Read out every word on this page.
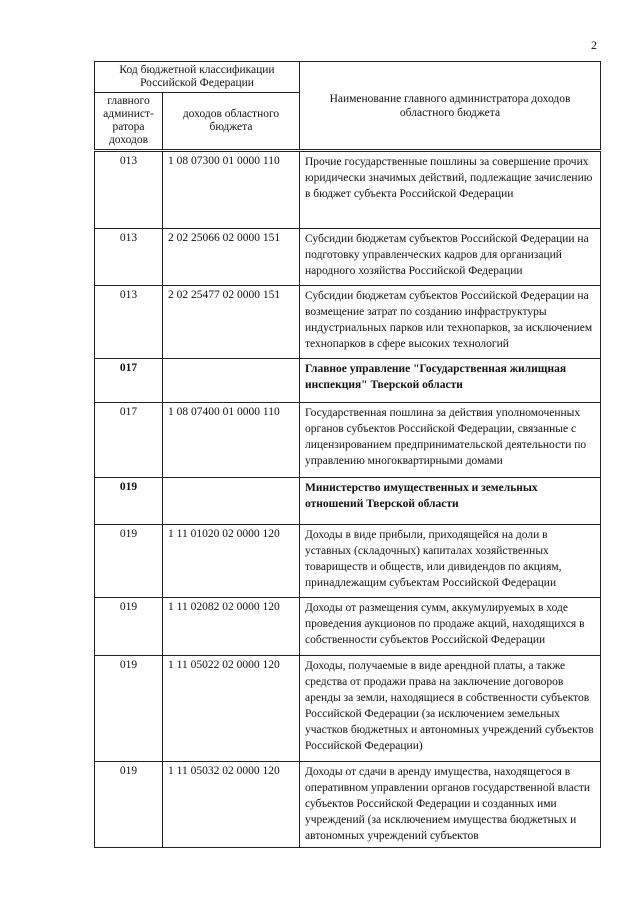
2
Код бюджетной классификации Российской Федерации		Наименование главного администратора доходов областного бюджета
главного админист-ратора доходов	доходов областного бюджета	
013	1 08 07300 01 0000 110	Прочие государственные пошлины за совершение прочих юридически значимых действий, подлежащие зачислению в бюджет субъекта Российской Федерации
013	2 02 25066 02 0000 151	Субсидии бюджетам субъектов Российской Федерации на подготовку управленческих кадров для организаций народного хозяйства Российской Федерации
013	2 02 25477 02 0000 151	Субсидии бюджетам субъектов Российской Федерации на возмещение затрат по созданию инфраструктуры индустриальных парков или технопарков, за исключением технопарков в сфере высоких технологий
017		Главное управление "Государственная жилищная инспекция" Тверской области
017	1 08 07400 01 0000 110	Государственная пошлина за действия уполномоченных органов субъектов Российской Федерации, связанные с лицензированием предпринимательской деятельности по управлению многоквартирными домами
019		Министерство имущественных и земельных отношений Тверской области
019	1 11 01020 02 0000 120	Доходы в виде прибыли, приходящейся на доли в уставных (складочных) капиталах хозяйственных товариществ и обществ, или дивидендов по акциям, принадлежащим субъектам Российской Федерации
019	1 11 02082 02 0000 120	Доходы от размещения сумм, аккумулируемых в ходе проведения аукционов по продаже акций, находящихся в собственности субъектов Российской Федерации
019	1 11 05022 02 0000 120	Доходы, получаемые в виде арендной платы, а также средства от продажи права на заключение договоров аренды за земли, находящиеся в собственности субъектов Российской Федерации (за исключением земельных участков бюджетных и автономных учреждений субъектов Российской Федерации)
019	1 11 05032 02 0000 120	Доходы от сдачи в аренду имущества, находящегося в оперативном управлении органов государственной власти субъектов Российской Федерации и созданных ими учреждений (за исключением имущества бюджетных и автономных учреждений субъектов
